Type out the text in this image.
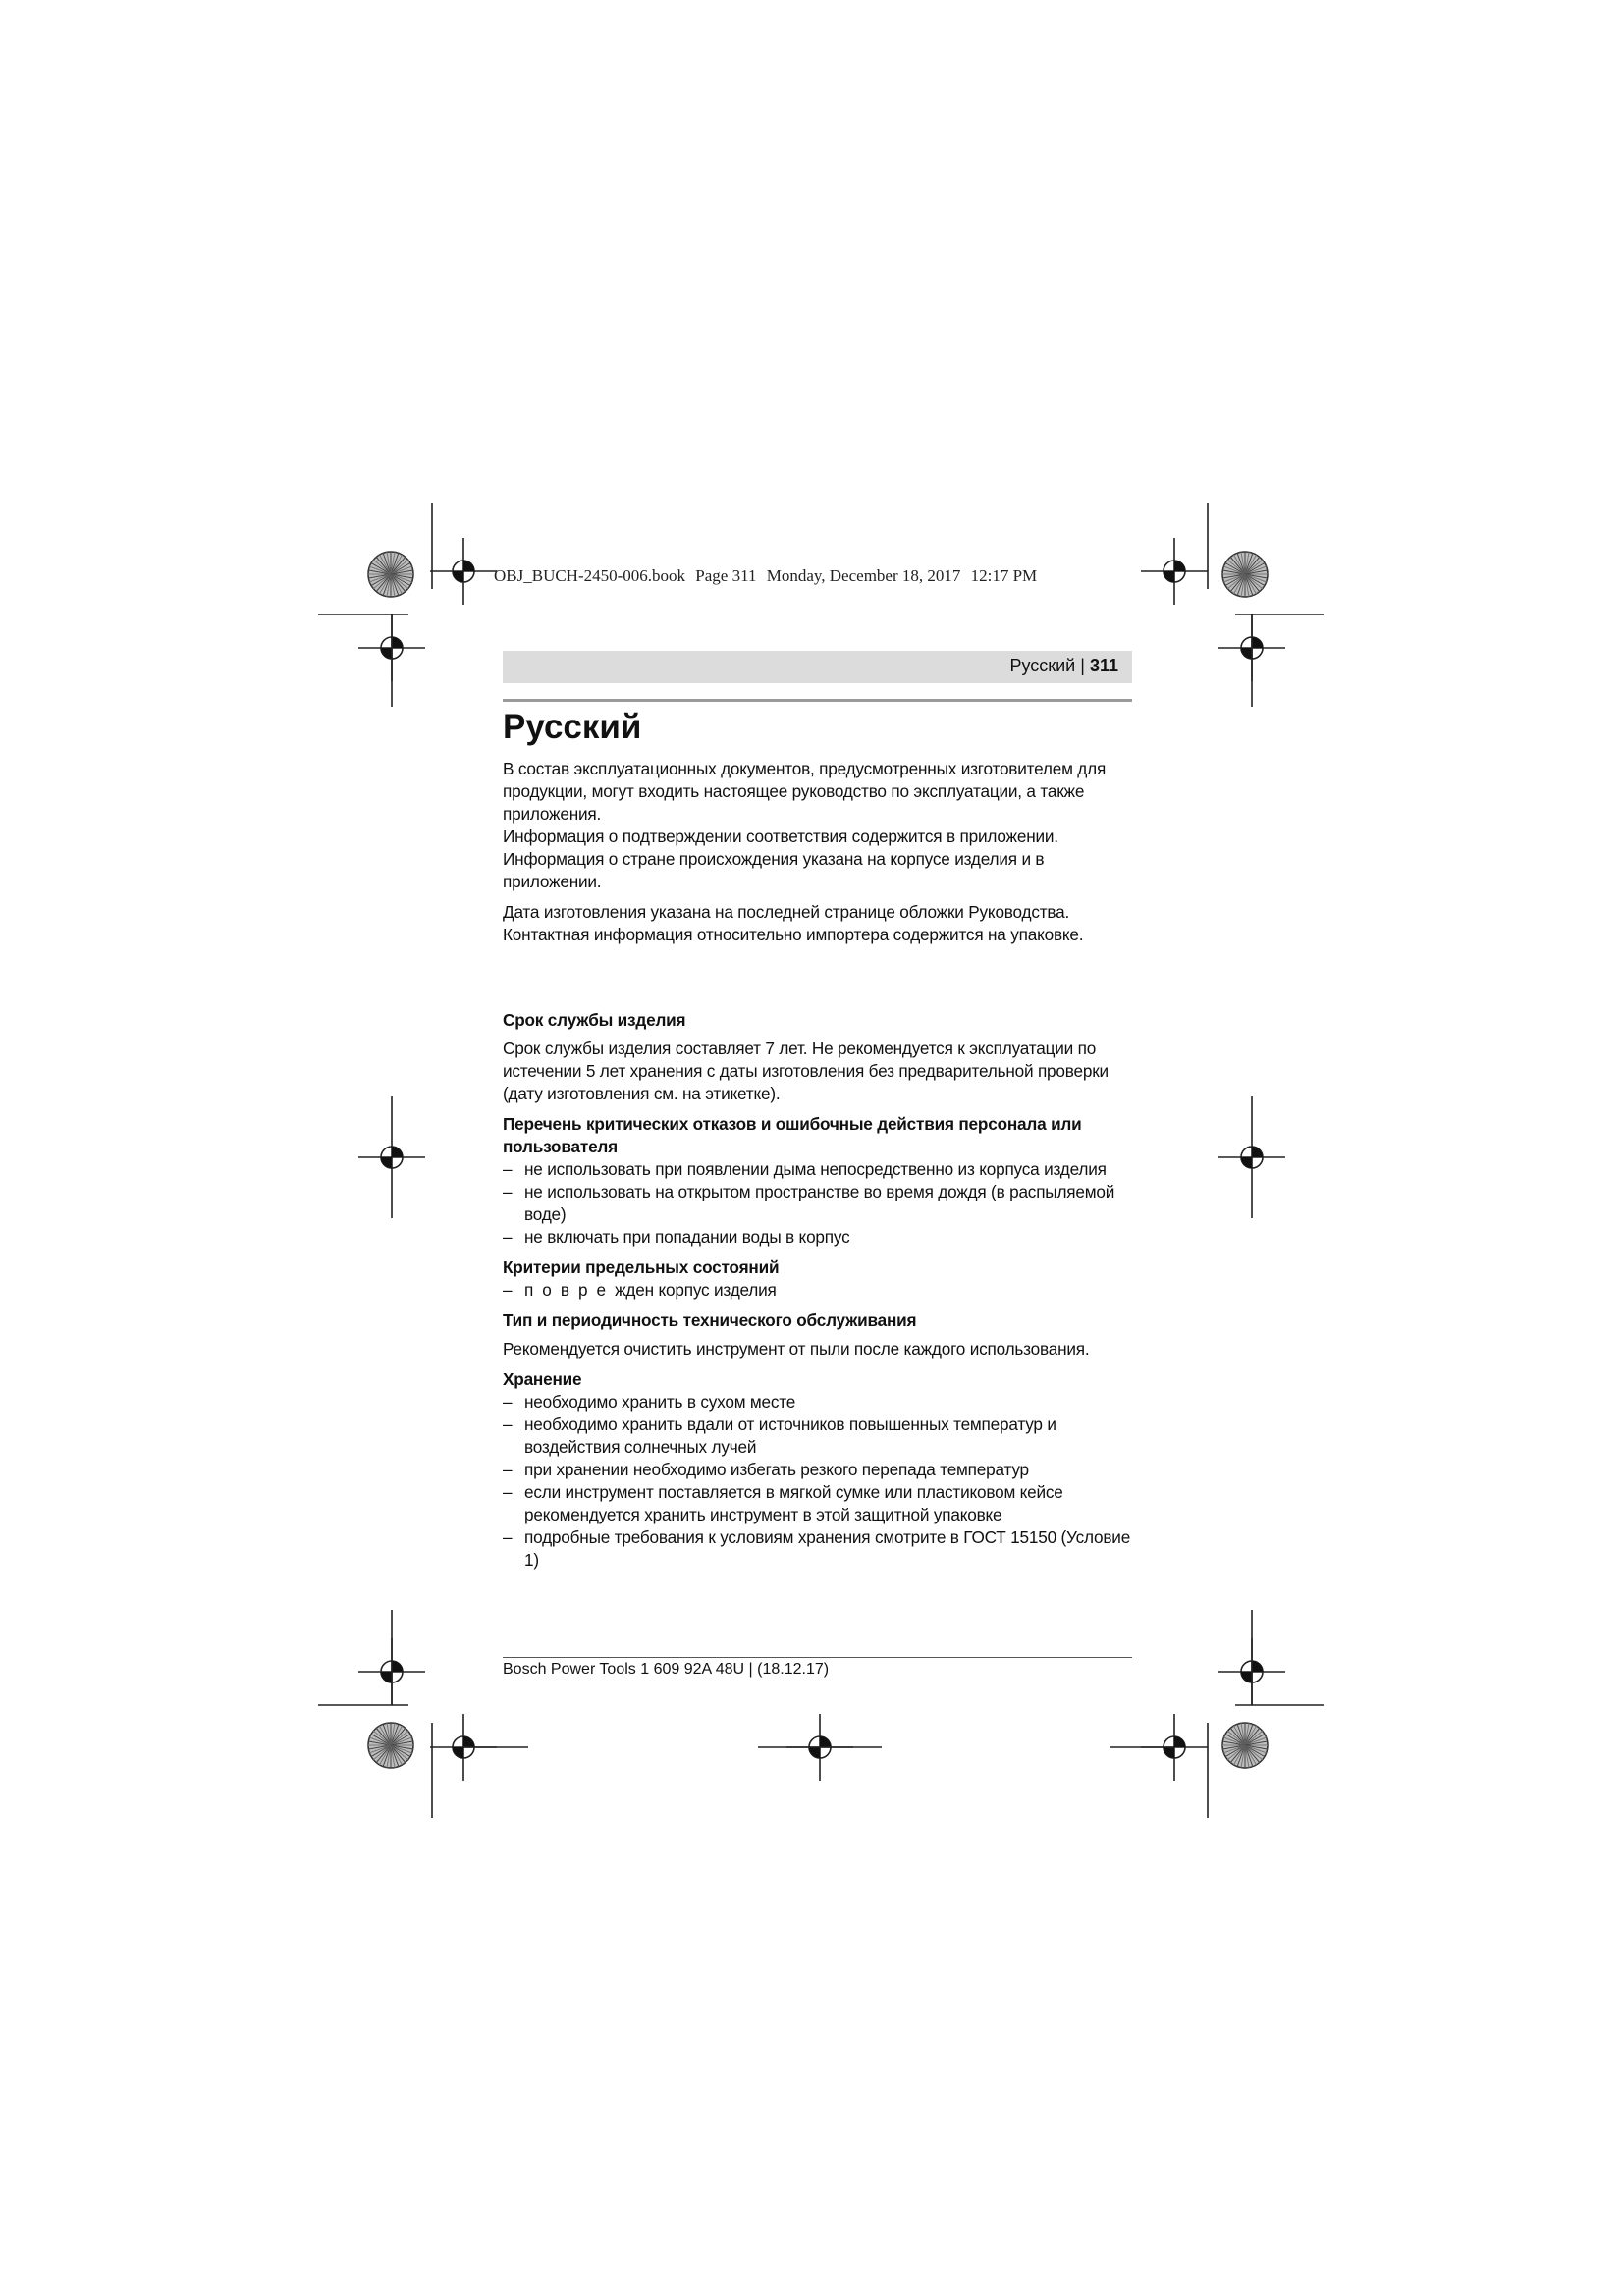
OBJ_BUCH-2450-006.book Page 311 Monday, December 18, 2017 12:17 PM
Русский | 311
Русский

В состав эксплуатационных документов, предусмотренных изготовителем для продукции, могут входить настоящее руководство по эксплуатации, а также приложения.

Информация о подтверждении соответствия содержится в приложении.

Информация о стране происхождения указана на корпусе изделия и в приложении.

Дата изготовления указана на последней странице обложки Руководства.

Контактная информация относительно импортера содержится на упаковке.

Срок службы изделия

Срок службы изделия составляет 7 лет. Не рекомендуется к эксплуатации по истечении 5 лет хранения с даты изготовления без предварительной проверки (дату изготовления см. на этикетке).

Перечень критических отказов и ошибочные действия персонала или пользователя
– не использовать при появлении дыма непосредственно из корпуса изделия
– не использовать на открытом пространстве во время дождя (в распыляемой воде)
– не включать при попадании воды в корпус
Критерии предельных состояний
– поврeжден корпус изделия
Тип и периодичность технического обслуживания

Рекомендуется очистить инструмент от пыли после каждого использования.

Хранение
– необходимо хранить в сухом месте
– необходимо хранить вдали от источников повышенных температур и воздействия солнечных лучей
– при хранении необходимо избегать резкого перепада температур
– если инструмент поставляется в мягкой сумке или пластиковом кейсе рекомендуется хранить инструмент в этой защитной упаковке
– подробные требования к условиям хранения смотрите в ГОСТ 15150 (Условие 1)
Bosch Power Tools 1 609 92A 48U | (18.12.17)
